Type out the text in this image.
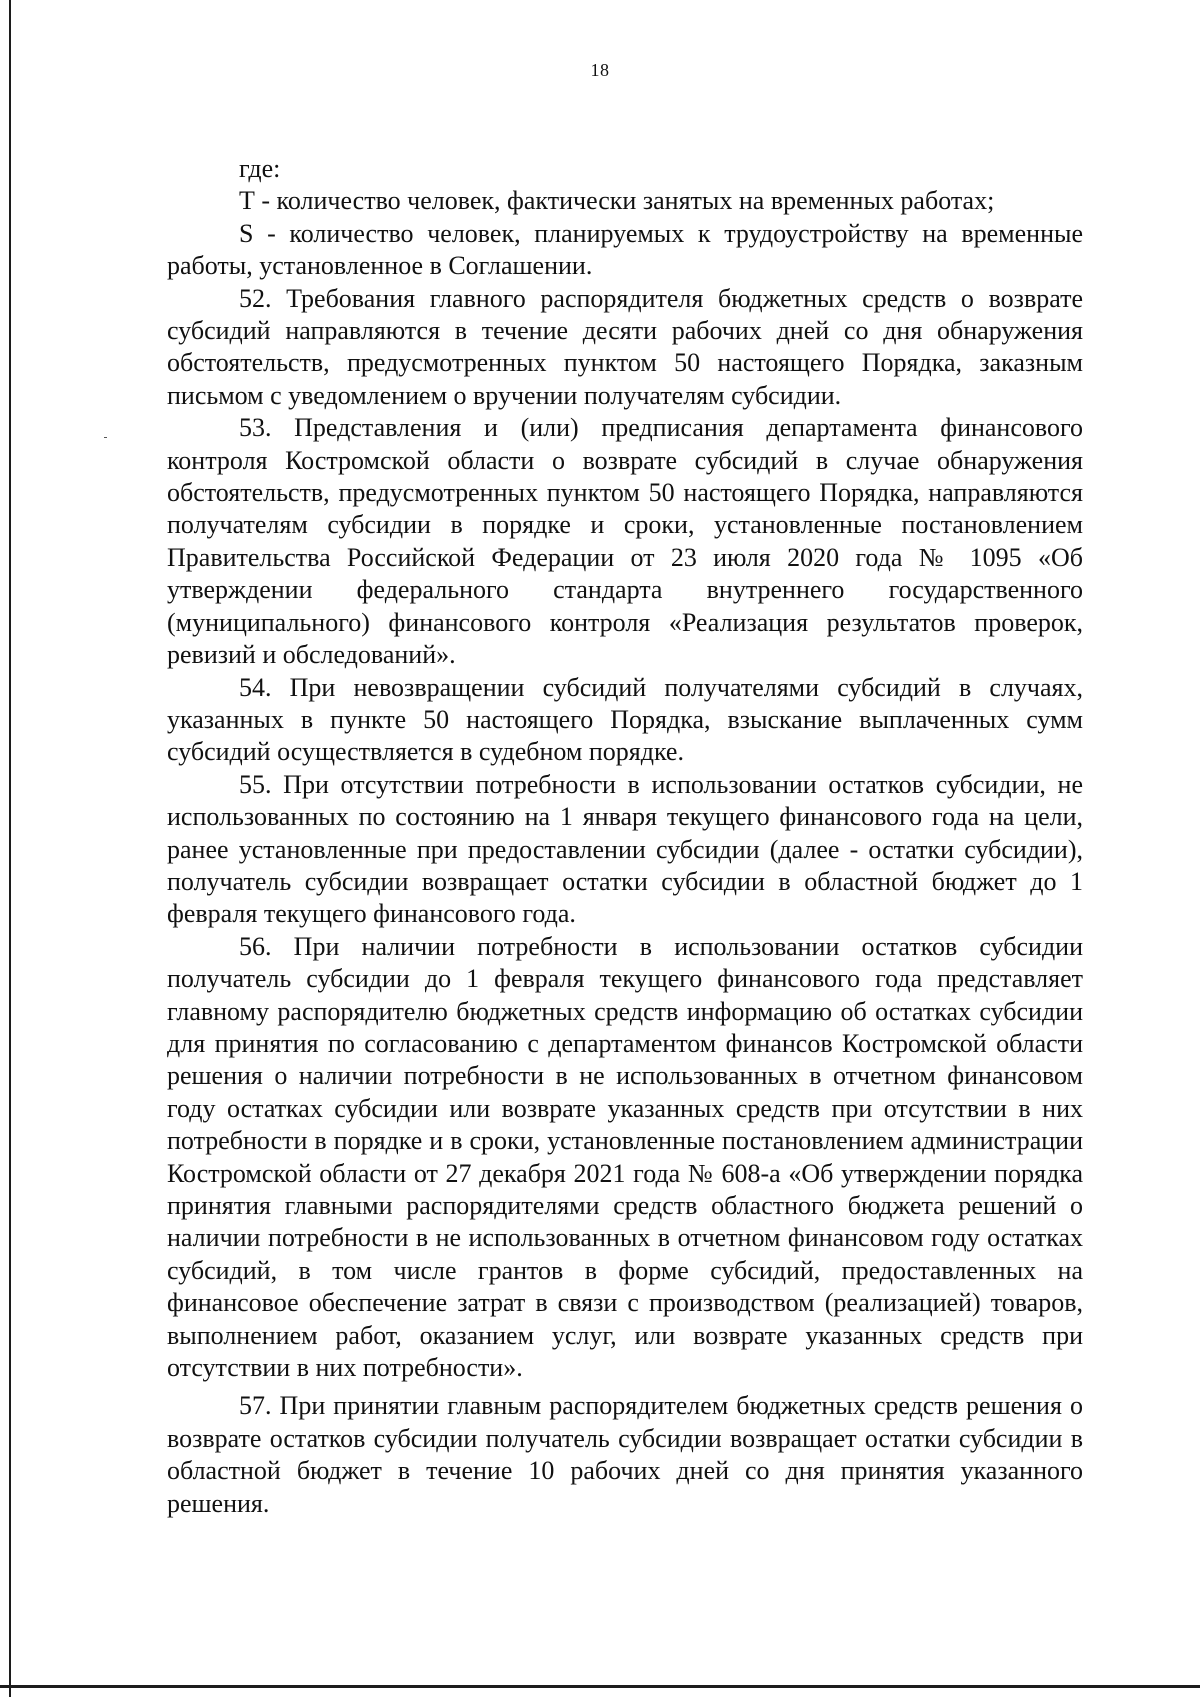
18

где:

Т - количество человек, фактически занятых на временных работах;

S - количество человек, планируемых к трудоустройству на временные работы, установленное в Соглашении.

52. Требования главного распорядителя бюджетных средств о возврате субсидий направляются в течение десяти рабочих дней со дня обнаружения обстоятельств, предусмотренных пунктом 50 настоящего Порядка, заказным письмом с уведомлением о вручении получателям субсидии.

53. Представления и (или) предписания департамента финансового контроля Костромской области о возврате субсидий в случае обнаружения обстоятельств, предусмотренных пунктом 50 настоящего Порядка, направляются получателям субсидии в порядке и сроки, установленные постановлением Правительства Российской Федерации от 23 июля 2020 года № 1095 «Об утверждении федерального стандарта внутреннего государственного (муниципального) финансового контроля «Реализация результатов проверок, ревизий и обследований».

54. При невозвращении субсидий получателями субсидий в случаях, указанных в пункте 50 настоящего Порядка, взыскание выплаченных сумм субсидий осуществляется в судебном порядке.

55. При отсутствии потребности в использовании остатков субсидии, не использованных по состоянию на 1 января текущего финансового года на цели, ранее установленные при предоставлении субсидии (далее - остатки субсидии), получатель субсидии возвращает остатки субсидии в областной бюджет до 1 февраля текущего финансового года.

56. При наличии потребности в использовании остатков субсидии получатель субсидии до 1 февраля текущего финансового года представляет главному распорядителю бюджетных средств информацию об остатках субсидии для принятия по согласованию с департаментом финансов Костромской области решения о наличии потребности в не использованных в отчетном финансовом году остатках субсидии или возврате указанных средств при отсутствии в них потребности в порядке и в сроки, установленные постановлением администрации Костромской области от 27 декабря 2021 года № 608-а «Об утверждении порядка принятия главными распорядителями средств областного бюджета решений о наличии потребности в не использованных в отчетном финансовом году остатках субсидий, в том числе грантов в форме субсидий, предоставленных на финансовое обеспечение затрат в связи с производством (реализацией) товаров, выполнением работ, оказанием услуг, или возврате указанных средств при отсутствии в них потребности».

57. При принятии главным распорядителем бюджетных средств решения о возврате остатков субсидии получатель субсидии возвращает остатки субсидии в областной бюджет в течение 10 рабочих дней со дня принятия указанного решения.
